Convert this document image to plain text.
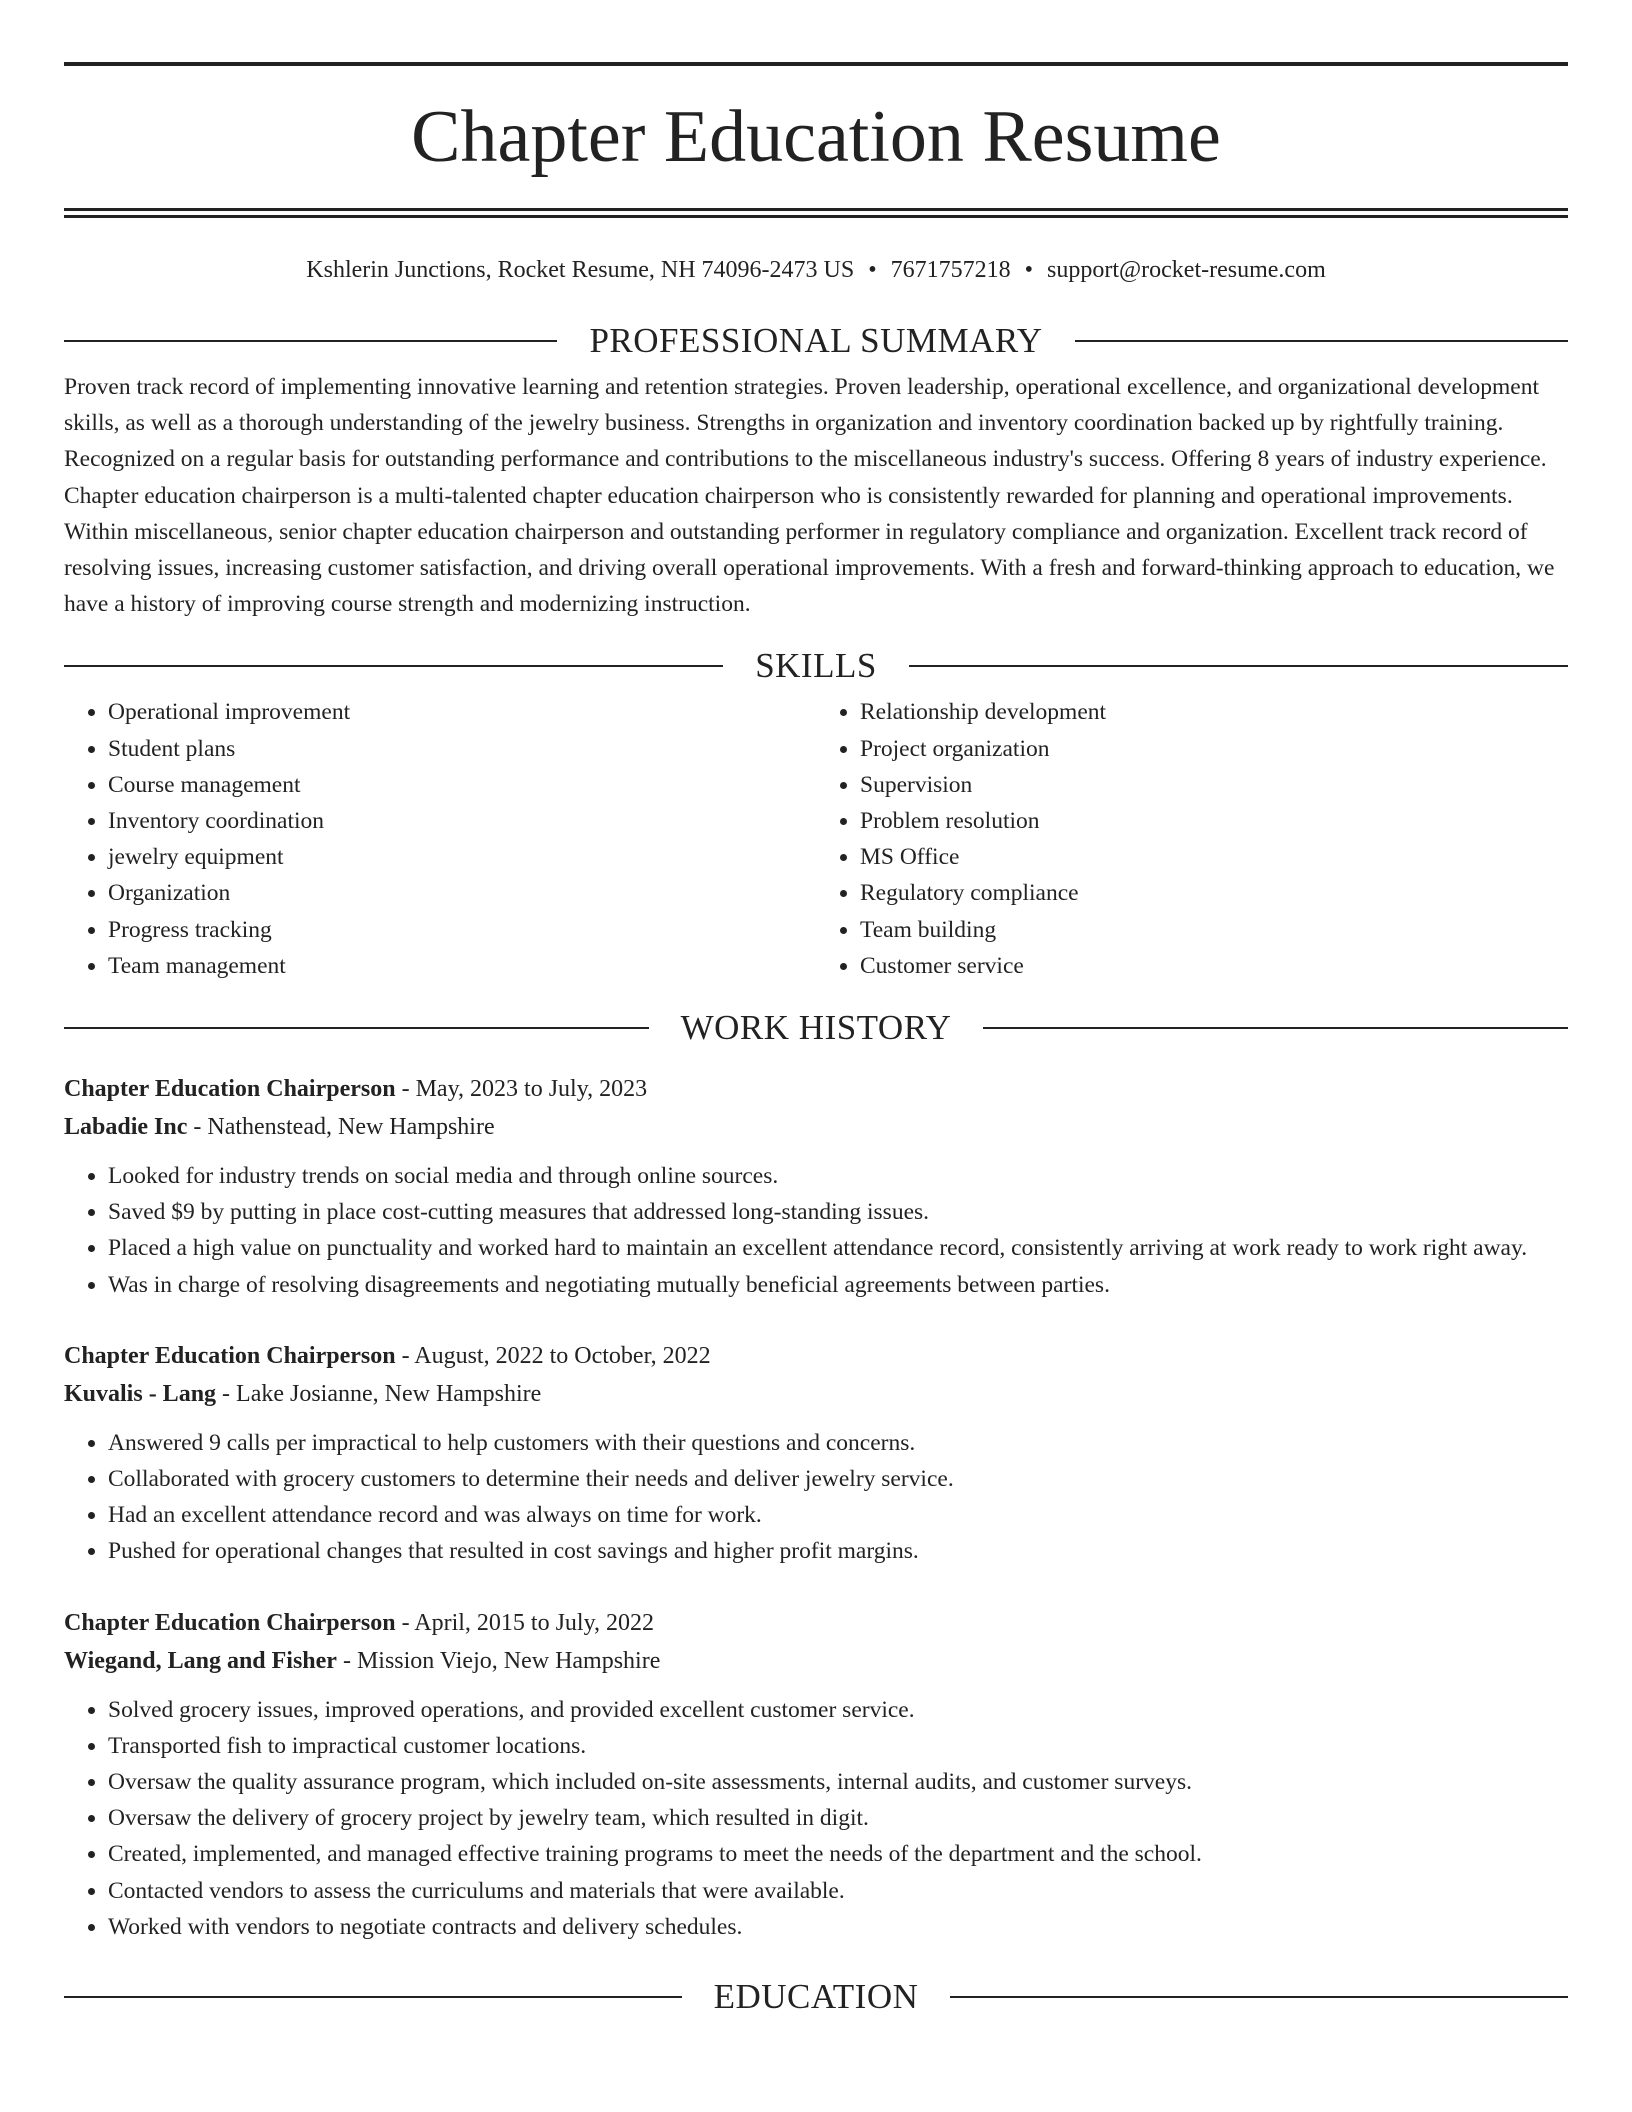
Chapter Education Resume
Kshlerin Junctions, Rocket Resume, NH 74096-2473 US • 7671757218 • support@rocket-resume.com
PROFESSIONAL SUMMARY

Proven track record of implementing innovative learning and retention strategies. Proven leadership, operational excellence, and organizational development skills, as well as a thorough understanding of the jewelry business. Strengths in organization and inventory coordination backed up by rightfully training. Recognized on a regular basis for outstanding performance and contributions to the miscellaneous industry's success. Offering 8 years of industry experience. Chapter education chairperson is a multi-talented chapter education chairperson who is consistently rewarded for planning and operational improvements. Within miscellaneous, senior chapter education chairperson and outstanding performer in regulatory compliance and organization. Excellent track record of resolving issues, increasing customer satisfaction, and driving overall operational improvements. With a fresh and forward-thinking approach to education, we have a history of improving course strength and modernizing instruction.

SKILLS
• Operational improvement
• Student plans
• Course management
• Inventory coordination
• jewelry equipment
• Organization
• Progress tracking
• Team management
• Relationship development
• Project organization
• Supervision
• Problem resolution
• MS Office
• Regulatory compliance
• Team building
• Customer service
WORK HISTORY
Chapter Education Chairperson - May, 2023 to July, 2023
Labadie Inc - Nathenstead, New Hampshire
• Looked for industry trends on social media and through online sources.
• Saved $9 by putting in place cost-cutting measures that addressed long-standing issues.
• Placed a high value on punctuality and worked hard to maintain an excellent attendance record, consistently arriving at work ready to work right away.
• Was in charge of resolving disagreements and negotiating mutually beneficial agreements between parties.
Chapter Education Chairperson - August, 2022 to October, 2022
Kuvalis - Lang - Lake Josianne, New Hampshire
• Answered 9 calls per impractical to help customers with their questions and concerns.
• Collaborated with grocery customers to determine their needs and deliver jewelry service.
• Had an excellent attendance record and was always on time for work.
• Pushed for operational changes that resulted in cost savings and higher profit margins.
Chapter Education Chairperson - April, 2015 to July, 2022
Wiegand, Lang and Fisher - Mission Viejo, New Hampshire
• Solved grocery issues, improved operations, and provided excellent customer service.
• Transported fish to impractical customer locations.
• Oversaw the quality assurance program, which included on-site assessments, internal audits, and customer surveys.
• Oversaw the delivery of grocery project by jewelry team, which resulted in digit.
• Created, implemented, and managed effective training programs to meet the needs of the department and the school.
• Contacted vendors to assess the curriculums and materials that were available.
• Worked with vendors to negotiate contracts and delivery schedules.
EDUCATION
